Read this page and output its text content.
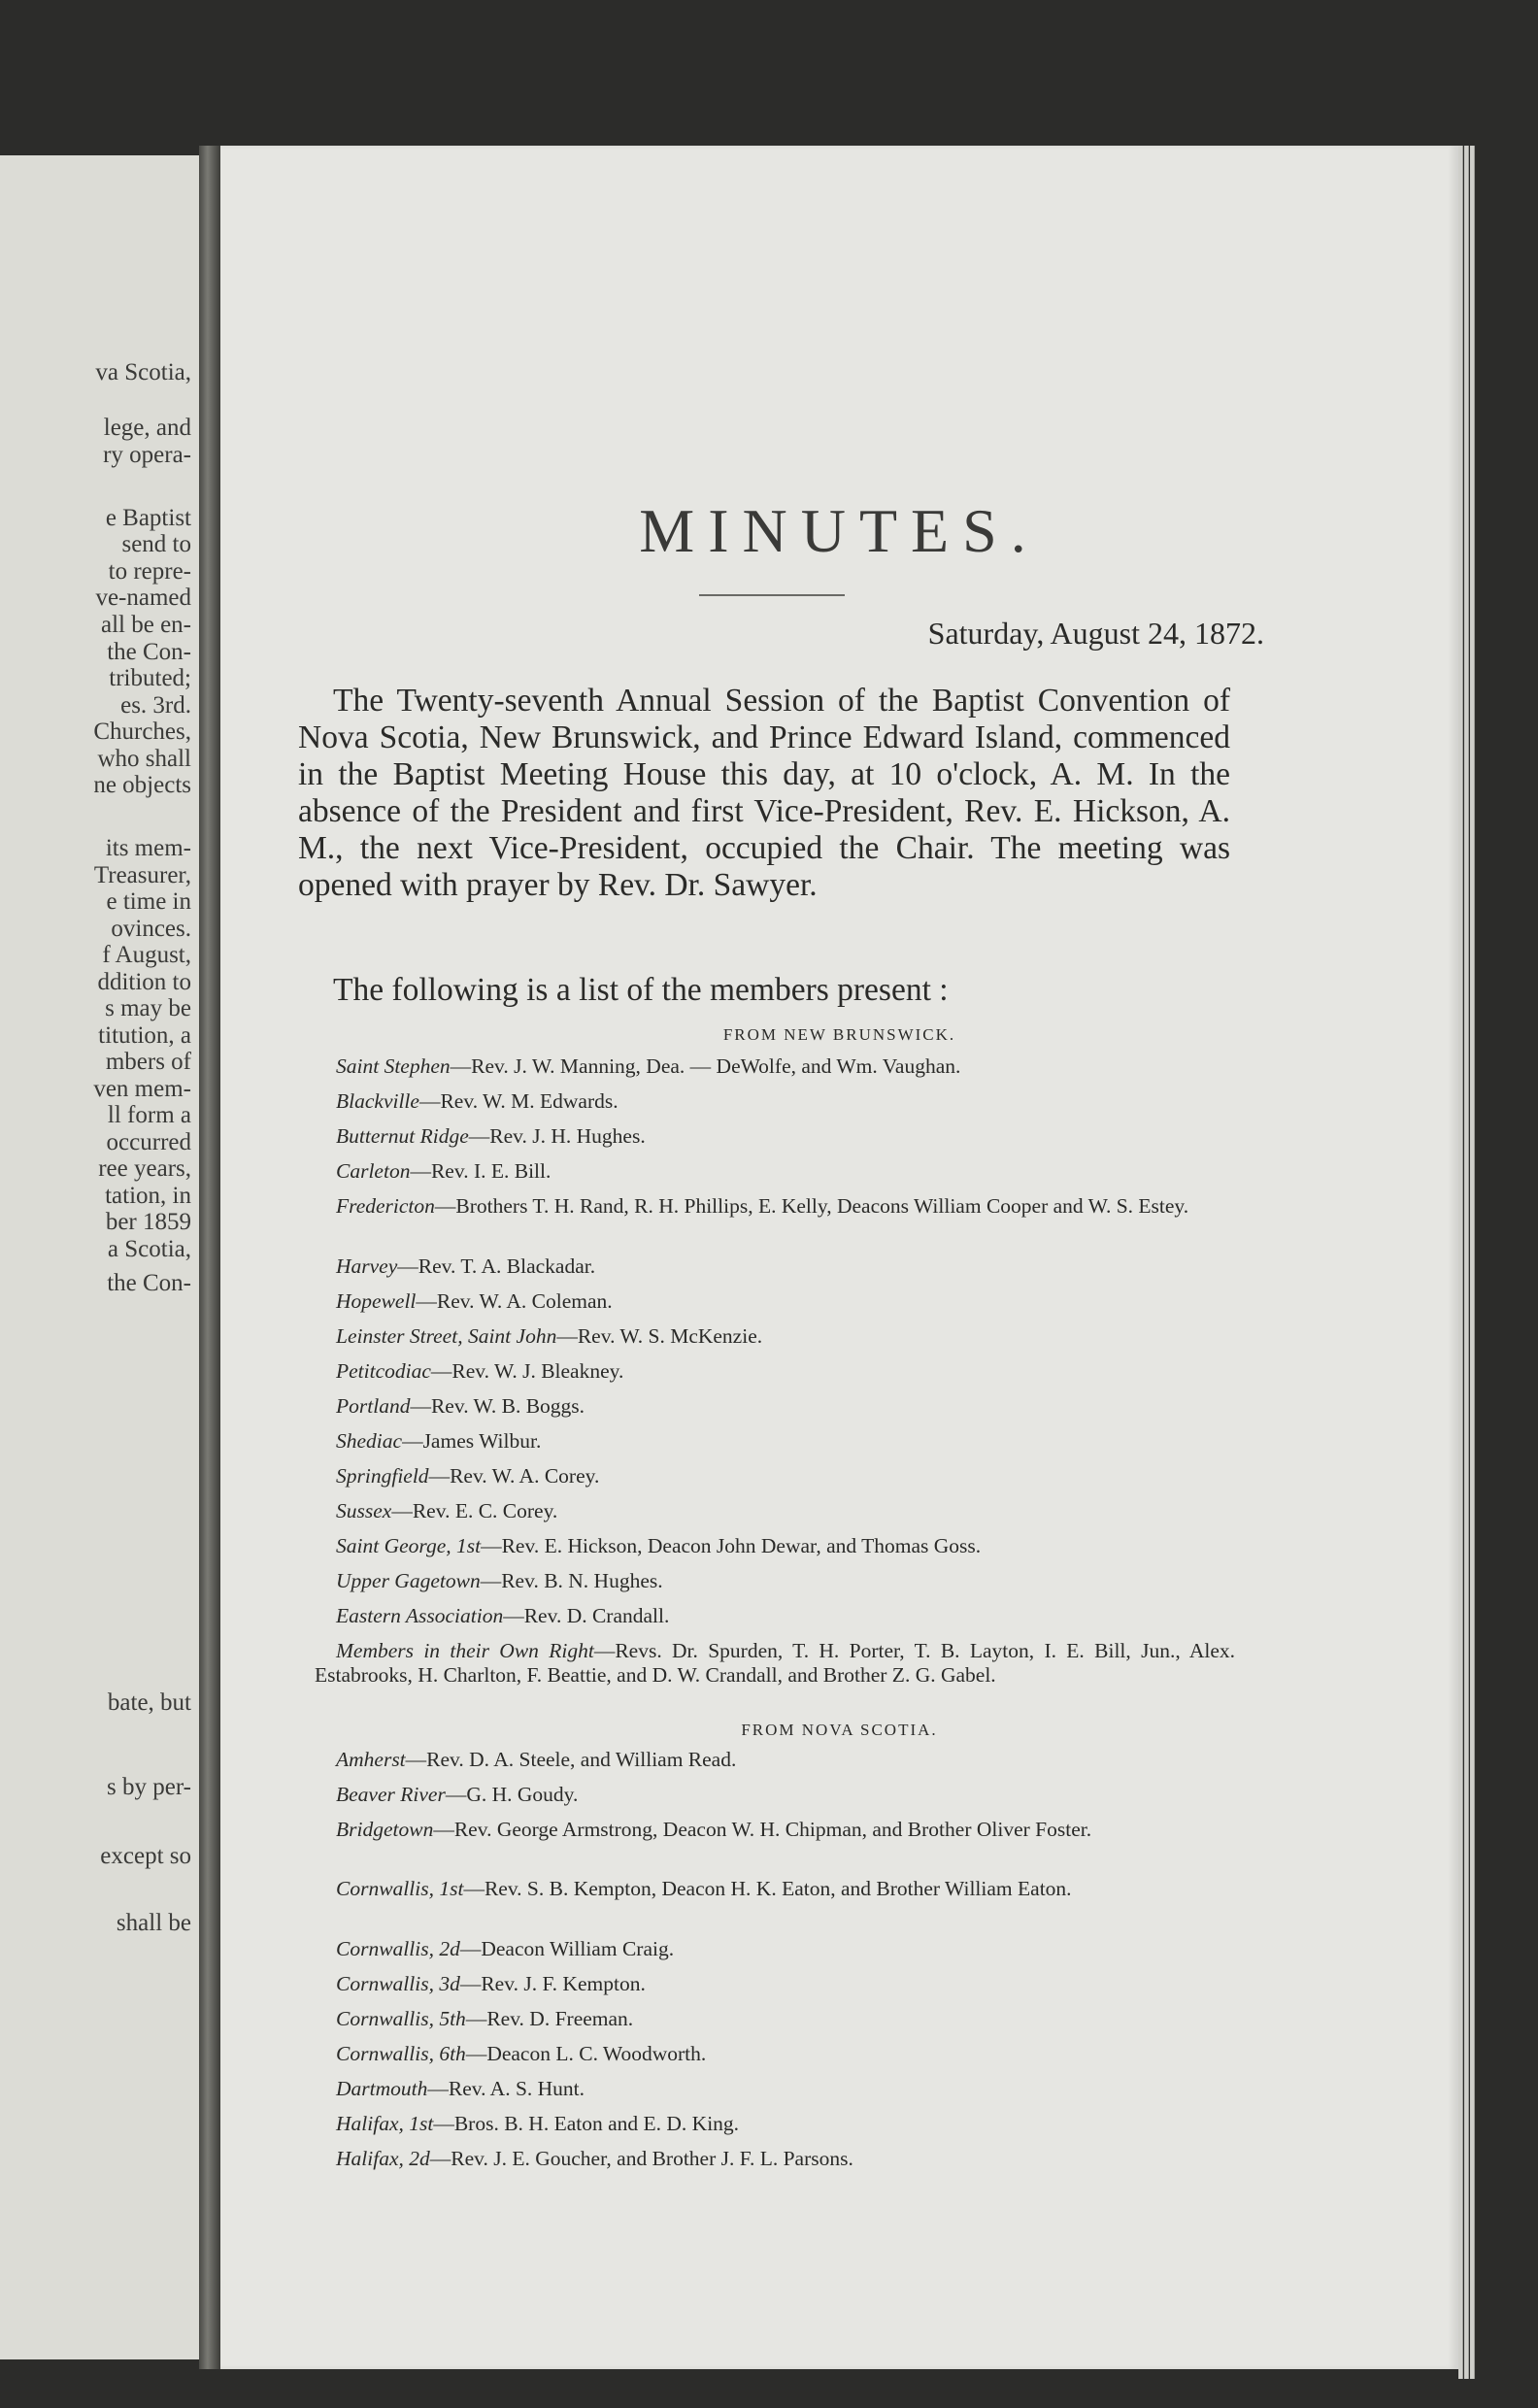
va Scotia,
lege, and
ry opera-
e Baptist
send to
to repre-
ve-named
all be en-
the Con-
tributed;
es. 3rd.
Churches,
who shall
ne objects
its mem-
Treasurer,
e time in
ovinces.
f August,
ddition to
s may be
titution, a
mbers of
ven mem-
ll form a
occurred
ree years,
tation, in
ber 1859
a Scotia,
the Con-
bate, but
s by per-
except so
shall be
MINUTES.
Saturday, August 24, 1872.

The Twenty-seventh Annual Session of the Baptist Convention of Nova Scotia, New Brunswick, and Prince Edward Island, commenced in the Baptist Meeting House this day, at 10 o'clock, A. M. In the absence of the President and first Vice-President, Rev. E. Hickson, A. M., the next Vice-President, occupied the Chair. The meeting was opened with prayer by Rev. Dr. Sawyer.

The following is a list of the members present :

FROM NEW BRUNSWICK.

Saint Stephen—Rev. J. W. Manning, Dea. — DeWolfe, and Wm. Vaughan.

Blackville—Rev. W. M. Edwards.

Butternut Ridge—Rev. J. H. Hughes.

Carleton—Rev. I. E. Bill.

Fredericton—Brothers T. H. Rand, R. H. Phillips, E. Kelly, Deacons William Cooper and W. S. Estey.

Harvey—Rev. T. A. Blackadar.

Hopewell—Rev. W. A. Coleman.

Leinster Street, Saint John—Rev. W. S. McKenzie.

Petitcodiac—Rev. W. J. Bleakney.

Portland—Rev. W. B. Boggs.

Shediac—James Wilbur.

Springfield—Rev. W. A. Corey.

Sussex—Rev. E. C. Corey.

Saint George, 1st—Rev. E. Hickson, Deacon John Dewar, and Thomas Goss.

Upper Gagetown—Rev. B. N. Hughes.

Eastern Association—Rev. D. Crandall.

Members in their Own Right—Revs. Dr. Spurden, T. H. Porter, T. B. Layton, I. E. Bill, Jun., Alex. Estabrooks, H. Charlton, F. Beattie, and D. W. Crandall, and Brother Z. G. Gabel.

FROM NOVA SCOTIA.

Amherst—Rev. D. A. Steele, and William Read.

Beaver River—G. H. Goudy.

Bridgetown—Rev. George Armstrong, Deacon W. H. Chipman, and Brother Oliver Foster.

Cornwallis, 1st—Rev. S. B. Kempton, Deacon H. K. Eaton, and Brother William Eaton.

Cornwallis, 2d—Deacon William Craig.

Cornwallis, 3d—Rev. J. F. Kempton.

Cornwallis, 5th—Rev. D. Freeman.

Cornwallis, 6th—Deacon L. C. Woodworth.

Dartmouth—Rev. A. S. Hunt.

Halifax, 1st—Bros. B. H. Eaton and E. D. King.

Halifax, 2d—Rev. J. E. Goucher, and Brother J. F. L. Parsons.
